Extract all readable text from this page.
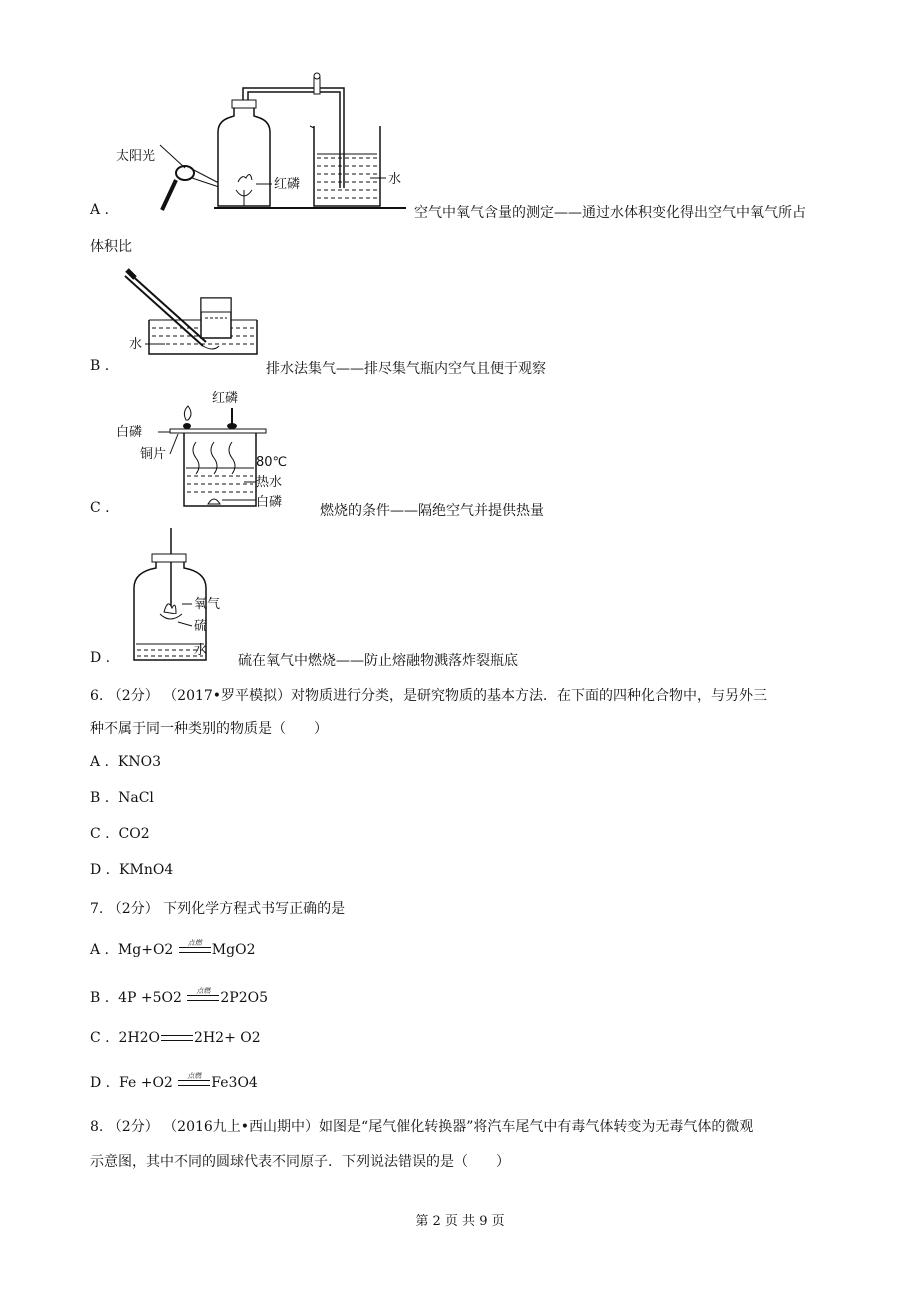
太阳光
红磷	水
A .	空气中氧气含量的测定——通过水体积变化得出空气中氧气所占
体积比
水
B .	排水法集气——排尽集气瓶内空气且便于观察
红磷
白磷
铜片
80℃
热水
白磷
C .	燃烧的条件——隔绝空气并提供热量
氧气
硫
水
D .	硫在氧气中燃烧——防止熔融物溅落炸裂瓶底
6. （2分） （2017•罗平模拟）对物质进行分类，是研究物质的基本方法．在下面的四种化合物中，与另外三
种不属于同一种类别的物质是（　　）
A . KNO3
B . NaCl
C . CO2
D . KMnO4
7. （2分） 下列化学方程式书写正确的是
A . Mg+O2 点燃 MgO2
B . 4P +5O2 点燃 2P2O5
C . 2H2O 2H2+ O2
D . Fe +O2 点燃 Fe3O4
8. （2分） （2016九上•西山期中）如图是“尾气催化转换器”将汽车尾气中有毒气体转变为无毒气体的微观
示意图，其中不同的圆球代表不同原子．下列说法错误的是（　　）
第 2 页 共 9 页
